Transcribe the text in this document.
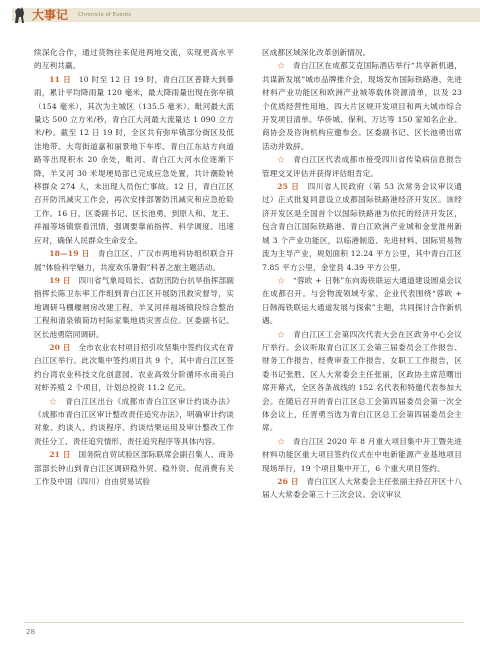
大事记 Chronicle of Events

续深化合作，通过货物往来促进两地交流，实现更高水平的互利共赢。

11 日  10 时至 12 日 19 时，青白江区普降大到暴雨，累计平均降雨量 120 毫米，最大降雨量出现在弥牟镇（154 毫米），其次为主城区（135.5 毫米）。毗河最大流量达 500 立方米/秒，青白江大河最大流量达 1 090 立方米/秒。截至 12 日 19 时，全区共有弥牟镇部分街区及低洼地带、大弯街道嘉和丽景地下车库、青白江东站方向道路等出现积水 20 余处，毗河、青白江大河水位逐渐下降，羊叉河 30 米堤埂局部已完成应急处置，共计潮险转移群众 274 人，未出现人员伤亡事故。12 日，青白江区召开防汛减灾工作会，再次安排部署防汛减灾和应急抢险工作。16 日，区委副书记、区长池勇，到原人和、龙王、祥福等场镇察看汛情，强调要靠前指挥、科学调度、迅速应对，确保人民群众生命安全。

18—19 日  青白江区、广汉市两地科协组织联合开展“体验科学魅力，共度欢乐暑假”科普之旅主题活动。

19 日  四川省气象局局长、省防汛防台抗旱指挥部副指挥长陈卫东率工作组到青白江区开展防汛救灾督导，实地调研马棚堰闸房改建工程、羊叉河祥福场镇段综合整治工程和清泉镇简坊村际家集地质灾害点位。区委副书记、区长池勇陪同调研。

20 日  全市农业农村项目招引攻坚集中签约仪式在青白江区举行。此次集中签约项目共 9 个，其中青白江区签约台湾农业科技文化创意园、农业高效分阶循环水南美白对虾养殖 2 个项目，计划总投资 11.2 亿元。

☆  青白江区出台《成都市青白江区审计约谈办法》《成都市青白江区审计整改责任追究办法》，明确审计约谈对象、约谈人、约谈程序、约谈结果运用及审计整改工作责任分工、责任追究情形、责任追究程序等具体内容。

21 日  国务院自贸试验区部际联席会副召集人、商务部部长钟山到青白江区调研稳外贸、稳外资、促消费有关工作及中国（四川）自由贸易试验

区成都区域深化改革创新情况。

☆  青白江区在成都艾克国际酒店举行“共享新机遇，共谋新发展”城市品牌推介会，现场发布国际铁路港、先进材料产业功能区和欧洲产业城等载体资源清单，以及 23 个优质经营性用地、四大片区规开发项目和两大城市综合开发项目清单。华侨城、保利、万达等 150 家知名企业、商协会及咨询机构应邀参会。区委副书记、区长池勇出席活动并致辞。

☆  青白江区代表成都市接受四川省传染病信息报告管理交叉评估并获得评估组肯定。

25 日  四川省人民政府（第 53 次常务会议审议通过）正式批复同意设立成都国际铁路港经济开发区。该经济开发区是全国首个以国际铁路港为依托的经济开发区，包含青白江国际铁路港、青白江欧洲产业城和金堂淮州新城 3 个产业功能区，以临港制造、先进材料、国际贸易物流为主导产业，规划面积 12.24 平方公里，其中青白江区 7.85 平方公里，金堂县 4.39 平方公里。

☆  “蓉欧 + 日韩”东向海铁联运大通道建设圆桌会议在成都召开。与会物流领域专家、企业代表围绕“蓉欧 + 日韩海铁联运大通道发展与探索”主题，共同探讨合作新机遇。

☆  青白江区工会第四次代表大会在区政务中心会议厅举行。会议听取青白江区工会第三届委员会工作报告、财务工作报告、经费审查工作报告、女职工工作报告，区委书记张胜、区人大常委会主任张丽，区政协主席范曙出席开幕式，全区各条战线的 152 名代表和特邀代表参加大会。在随后召开的青白江区总工会第四届委员会第一次全体会议上，任晋勇当选为青白江区总工会第四届委员会主席。

☆  青白江区 2020 年 8 月重大项目集中开工暨先进材料功能区重大项目签约仪式在中电新能源产业基地项目现场举行，19 个项目集中开工，6 个重大项目签约。

26 日  青白江区人大常委会主任张丽主持召开区十八届人大常委会第三十三次会议。会议审议

28
